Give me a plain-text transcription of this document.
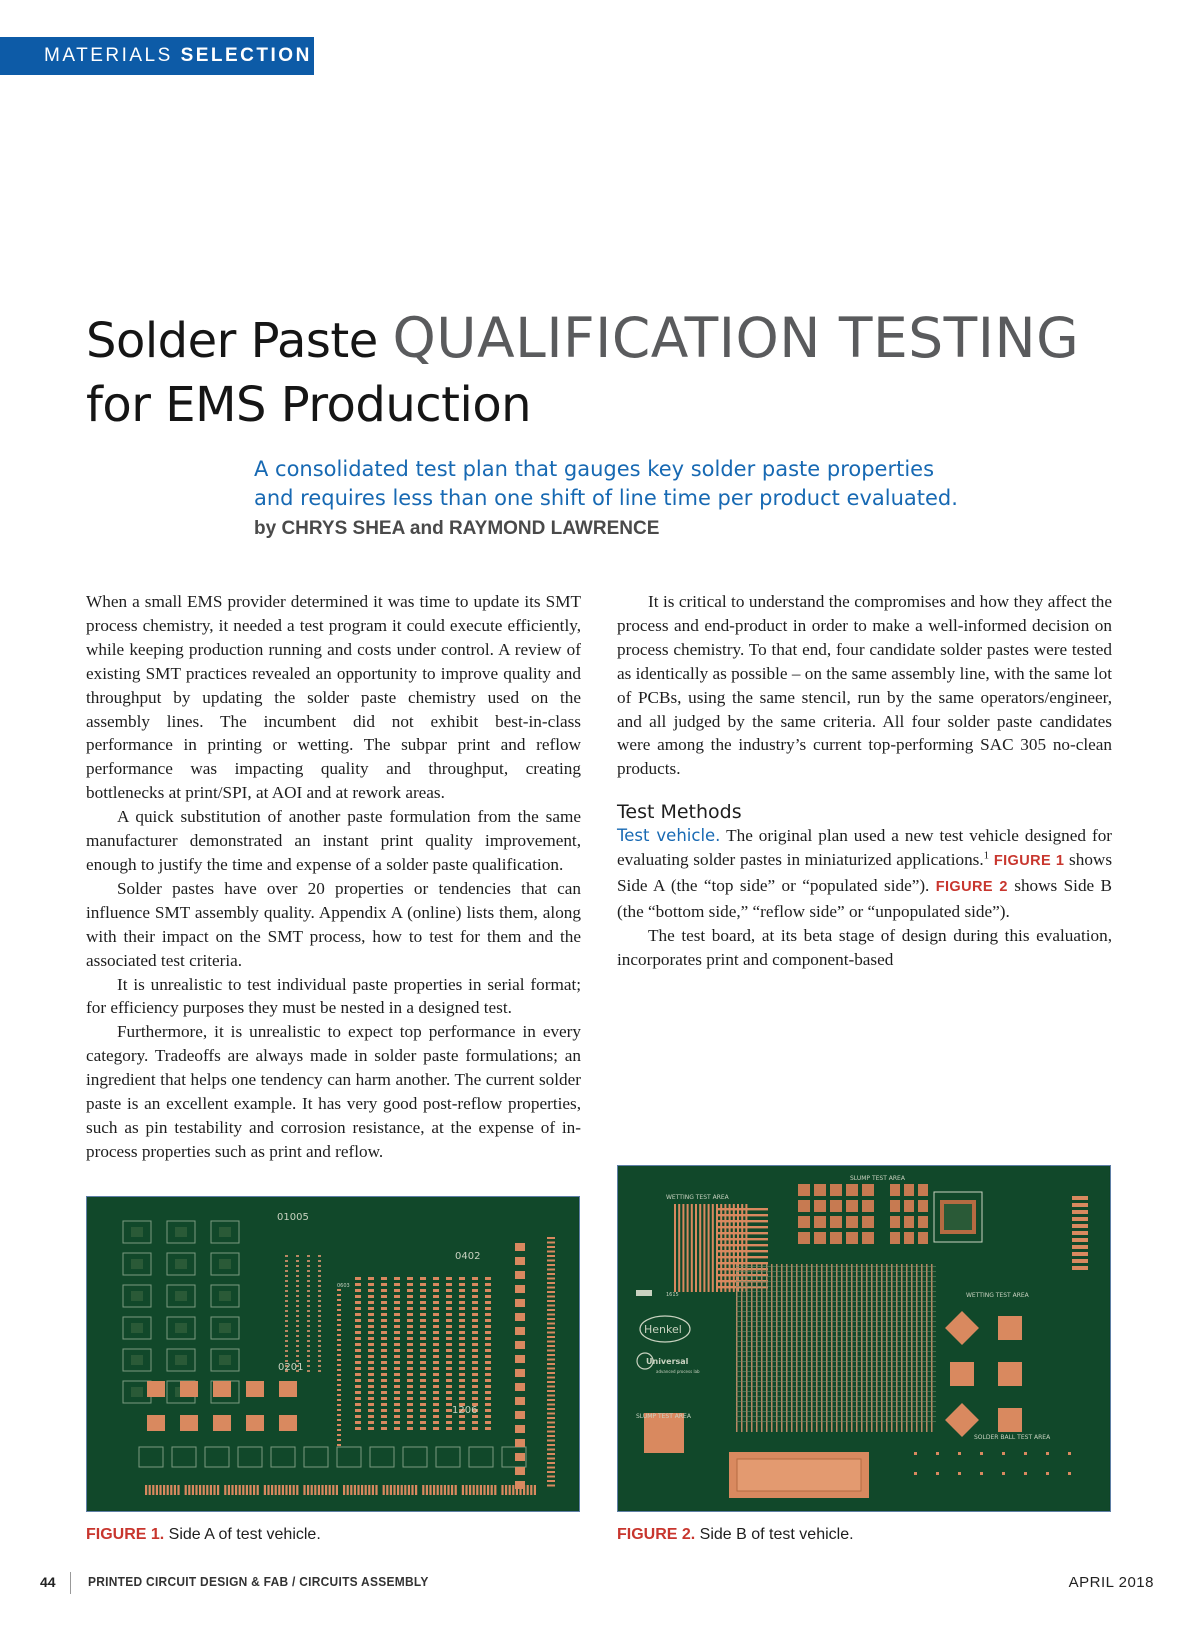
MATERIALS SELECTION
Solder Paste QUALIFICATION TESTING
for EMS Production
A consolidated test plan that gauges key solder paste properties
and requires less than one shift of line time per product evaluated.
by CHRYS SHEA and RAYMOND LAWRENCE

When a small EMS provider determined it was time to update its SMT process chemistry, it needed a test program it could execute efficiently, while keeping production running and costs under control. A review of existing SMT practices revealed an opportunity to improve quality and throughput by updating the solder paste chemistry used on the assembly lines. The incumbent did not exhibit best-in-class performance in printing or wetting. The subpar print and reflow performance was impacting quality and throughput, creating bottlenecks at print/SPI, at AOI and at rework areas.

A quick substitution of another paste formulation from the same manufacturer demonstrated an instant print quality improvement, enough to justify the time and expense of a solder paste qualification.

Solder pastes have over 20 properties or tendencies that can influence SMT assembly quality. Appendix A (online) lists them, along with their impact on the SMT process, how to test for them and the associated test criteria.

It is unrealistic to test individual paste properties in serial format; for efficiency purposes they must be nested in a designed test.

Furthermore, it is unrealistic to expect top performance in every category. Tradeoffs are always made in solder paste formulations; an ingredient that helps one tendency can harm another. The current solder paste is an excellent example. It has very good post-reflow properties, such as pin testability and corrosion resistance, at the expense of in-process properties such as print and reflow.

It is critical to understand the compromises and how they affect the process and end-product in order to make a well-informed decision on process chemistry. To that end, four candidate solder pastes were tested as identically as possible – on the same assembly line, with the same lot of PCBs, using the same stencil, run by the same operators/engineer, and all judged by the same criteria. All four solder paste candidates were among the industry’s current top-performing SAC 305 no-clean products.

Test Methods

Test vehicle. The original plan used a new test vehicle designed for evaluating solder pastes in miniaturized applications.$^1$ FIGURE 1 shows Side A (the “top side” or “populated side”). FIGURE 2 shows Side B (the “bottom side,” “reflow side” or “unpopulated side”).

The test board, at its beta stage of design during this evaluation, incorporates print and component-based

01005
0402
0201
1206
0603
Henkel
Universal
advanced process lab
SLUMP TEST AREA
WETTING TEST AREA
WETTING TEST AREA
SLUMP TEST AREA
SOLDER BALL TEST AREA
1615
FIGURE 1. Side A of test vehicle.	FIGURE 2. Side B of test vehicle.
44 PRINTED CIRCUIT DESIGN & FAB / CIRCUITS ASSEMBLY	APRIL 2018
